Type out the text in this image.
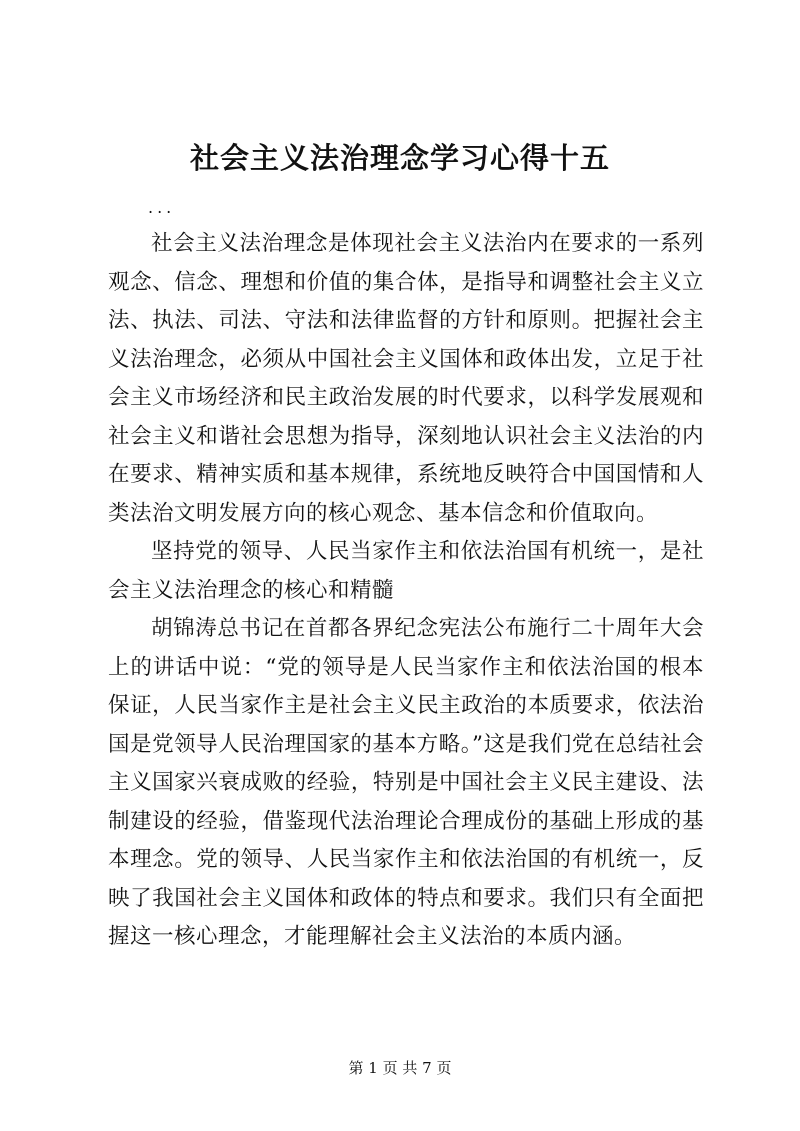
社会主义法治理念学习心得十五
...

社会主义法治理念是体现社会主义法治内在要求的一系列观念、信念、理想和价值的集合体，是指导和调整社会主义立法、执法、司法、守法和法律监督的方针和原则。把握社会主义法治理念，必须从中国社会主义国体和政体出发，立足于社会主义市场经济和民主政治发展的时代要求，以科学发展观和社会主义和谐社会思想为指导，深刻地认识社会主义法治的内在要求、精神实质和基本规律，系统地反映符合中国国情和人类法治文明发展方向的核心观念、基本信念和价值取向。

坚持党的领导、人民当家作主和依法治国有机统一，是社会主义法治理念的核心和精髓

胡锦涛总书记在首都各界纪念宪法公布施行二十周年大会上的讲话中说：“党的领导是人民当家作主和依法治国的根本保证，人民当家作主是社会主义民主政治的本质要求，依法治国是党领导人民治理国家的基本方略。”这是我们党在总结社会主义国家兴衰成败的经验，特别是中国社会主义民主建设、法制建设的经验，借鉴现代法治理论合理成份的基础上形成的基本理念。党的领导、人民当家作主和依法治国的有机统一，反映了我国社会主义国体和政体的特点和要求。我们只有全面把握这一核心理念，才能理解社会主义法治的本质内涵。

第 1 页 共 7 页
